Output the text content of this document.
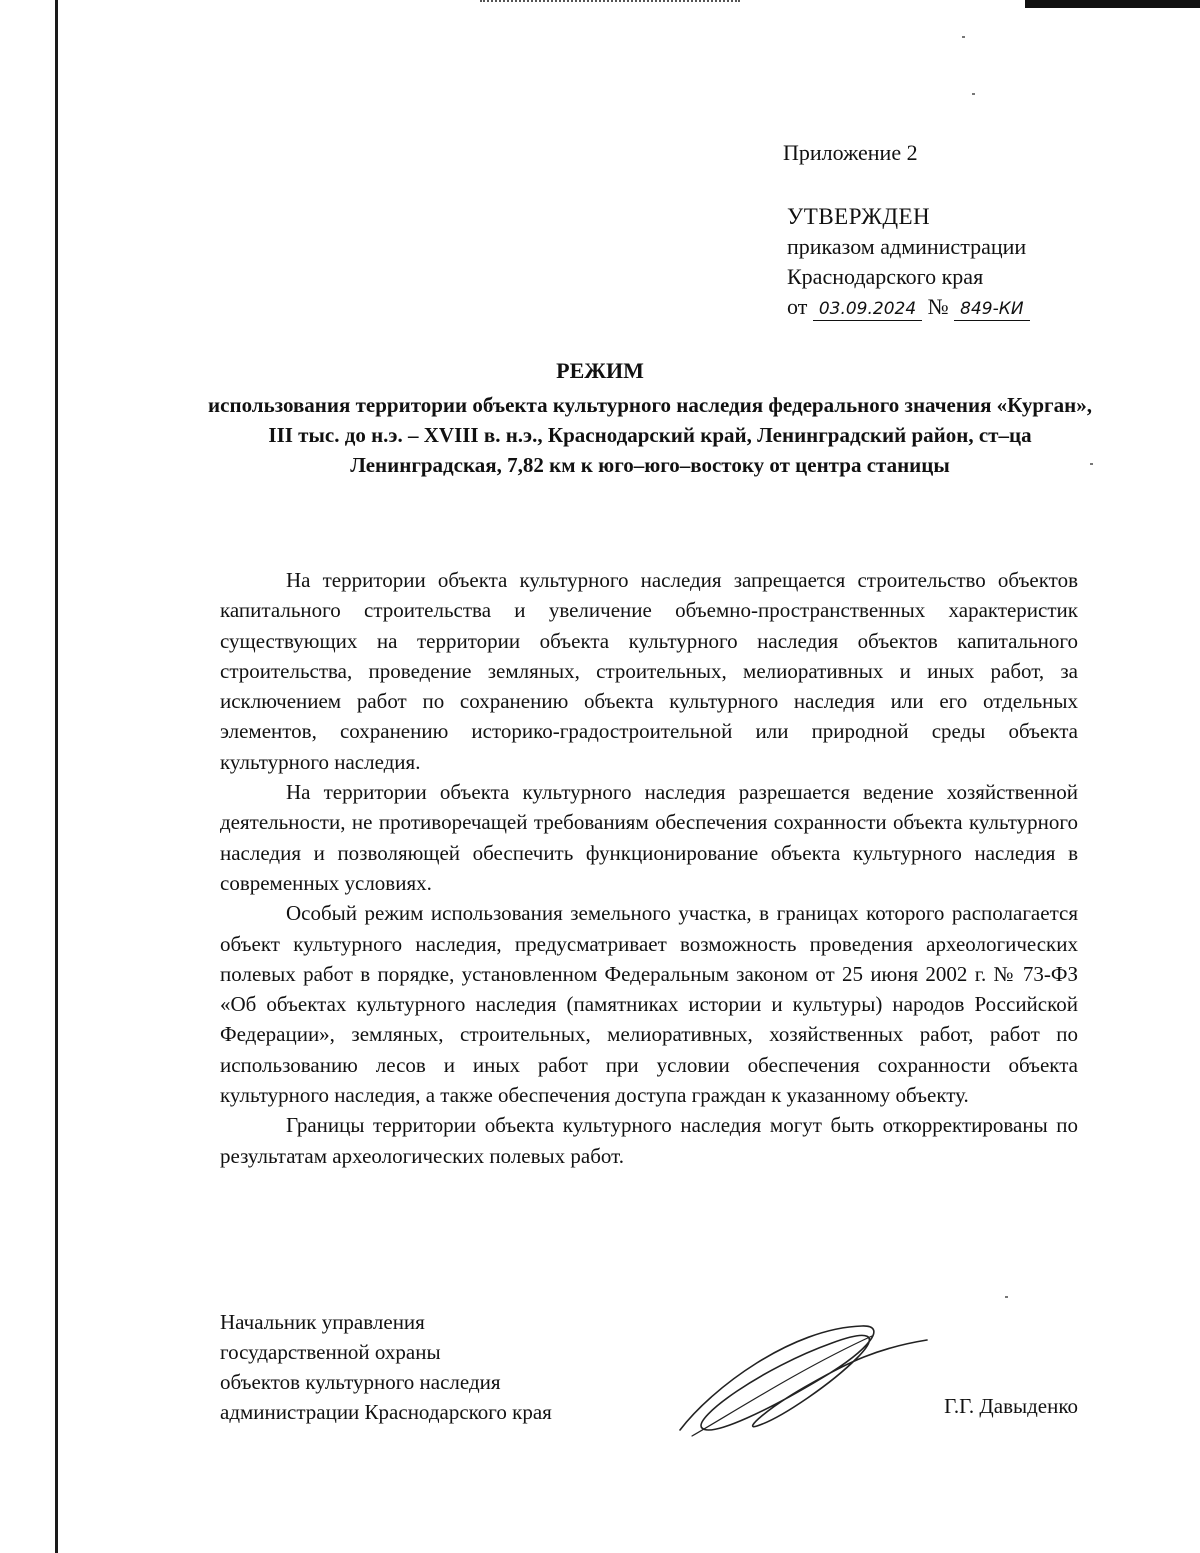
Приложение 2
УТВЕРЖДЕН
приказом администрации
Краснодарского края
от 03.09.2024 № 849-КИ
РЕЖИМ
использования территории объекта культурного наследия федерального значения «Курган», III тыс. до н.э. – XVIII в. н.э., Краснодарский край, Ленинградский район, ст–ца Ленинградская, 7,82 км к юго–юго–востоку от центра станицы

На территории объекта культурного наследия запрещается строительство объектов капитального строительства и увеличение объемно-пространственных характеристик существующих на территории объекта культурного наследия объектов капитального строительства, проведение земляных, строительных, мелиоративных и иных работ, за исключением работ по сохранению объекта культурного наследия или его отдельных элементов, сохранению историко-градостроительной или природной среды объекта культурного наследия.

На территории объекта культурного наследия разрешается ведение хозяйственной деятельности, не противоречащей требованиям обеспечения сохранности объекта культурного наследия и позволяющей обеспечить функционирование объекта культурного наследия в современных условиях.

Особый режим использования земельного участка, в границах которого располагается объект культурного наследия, предусматривает возможность проведения археологических полевых работ в порядке, установленном Федеральным законом от 25 июня 2002 г. № 73-ФЗ «Об объектах культурного наследия (памятниках истории и культуры) народов Российской Федерации», земляных, строительных, мелиоративных, хозяйственных работ, работ по использованию лесов и иных работ при условии обеспечения сохранности объекта культурного наследия, а также обеспечения доступа граждан к указанному объекту.

Границы территории объекта культурного наследия могут быть откорректированы по результатам археологических полевых работ.

Начальник управления
государственной охраны
объектов культурного наследия
администрации Краснодарского края	Г.Г. Давыденко
